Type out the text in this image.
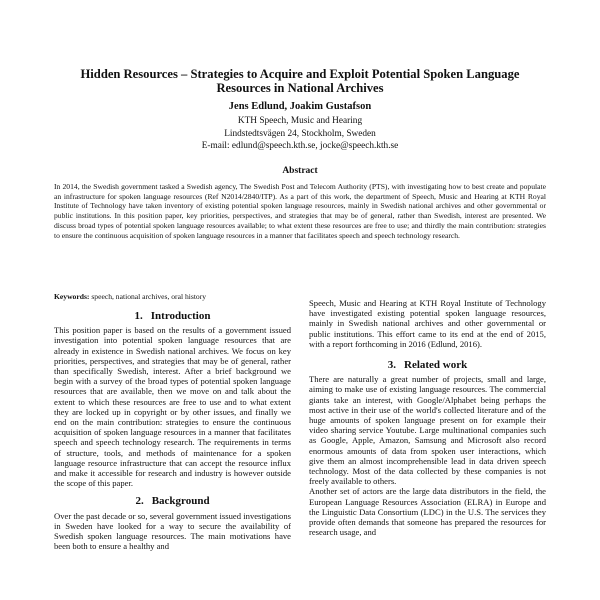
Hidden Resources – Strategies to Acquire and Exploit Potential Spoken Language Resources in National Archives

Jens Edlund, Joakim Gustafson

KTH Speech, Music and Hearing
Lindstedtsvägen 24, Stockholm, Sweden
E-mail: edlund@speech.kth.se, jocke@speech.kth.se

Abstract

In 2014, the Swedish government tasked a Swedish agency, The Swedish Post and Telecom Authority (PTS), with investigating how to best create and populate an infrastructure for spoken language resources (Ref N2014/2840/ITP). As a part of this work, the department of Speech, Music and Hearing at KTH Royal Institute of Technology have taken inventory of existing potential spoken language resources, mainly in Swedish national archives and other governmental or public institutions. In this position paper, key priorities, perspectives, and strategies that may be of general, rather than Swedish, interest are presented. We discuss broad types of potential spoken language resources available; to what extent these resources are free to use; and thirdly the main contribution: strategies to ensure the continuous acquisition of spoken language resources in a manner that facilitates speech and speech technology research.

Keywords: speech, national archives, oral history

1. Introduction

This position paper is based on the results of a government issued investigation into potential spoken language resources that are already in existence in Swedish national archives. We focus on key priorities, perspectives, and strategies that may be of general, rather than specifically Swedish, interest. After a brief background we begin with a survey of the broad types of potential spoken language resources that are available, then we move on and talk about the extent to which these resources are free to use and to what extent they are locked up in copyright or by other issues, and finally we end on the main contribution: strategies to ensure the continuous acquisition of spoken language resources in a manner that facilitates speech and speech technology research. The requirements in terms of structure, tools, and methods of maintenance for a spoken language resource infrastructure that can accept the resource influx and make it accessible for research and industry is however outside the scope of this paper.

2. Background

Over the past decade or so, several government issued investigations in Sweden have looked for a way to secure the availability of Swedish spoken language resources. The main motivations have been both to ensure a healthy and

Speech, Music and Hearing at KTH Royal Institute of Technology have investigated existing potential spoken language resources, mainly in Swedish national archives and other governmental or public institutions. This effort came to its end at the end of 2015, with a report forthcoming in 2016 (Edlund, 2016).

3. Related work

There are naturally a great number of projects, small and large, aiming to make use of existing language resources. The commercial giants take an interest, with Google/Alphabet being perhaps the most active in their use of the world's collected literature and of the huge amounts of spoken language present on for example their video sharing service Youtube. Large multinational companies such as Google, Apple, Amazon, Samsung and Microsoft also record enormous amounts of data from spoken user interactions, which give them an almost incomprehensible lead in data driven speech technology. Most of the data collected by these companies is not freely available to others.

Another set of actors are the large data distributors in the field, the European Language Resources Association (ELRA) in Europe and the Linguistic Data Consortium (LDC) in the U.S. The services they provide often demands that someone has prepared the resources for research usage, and
